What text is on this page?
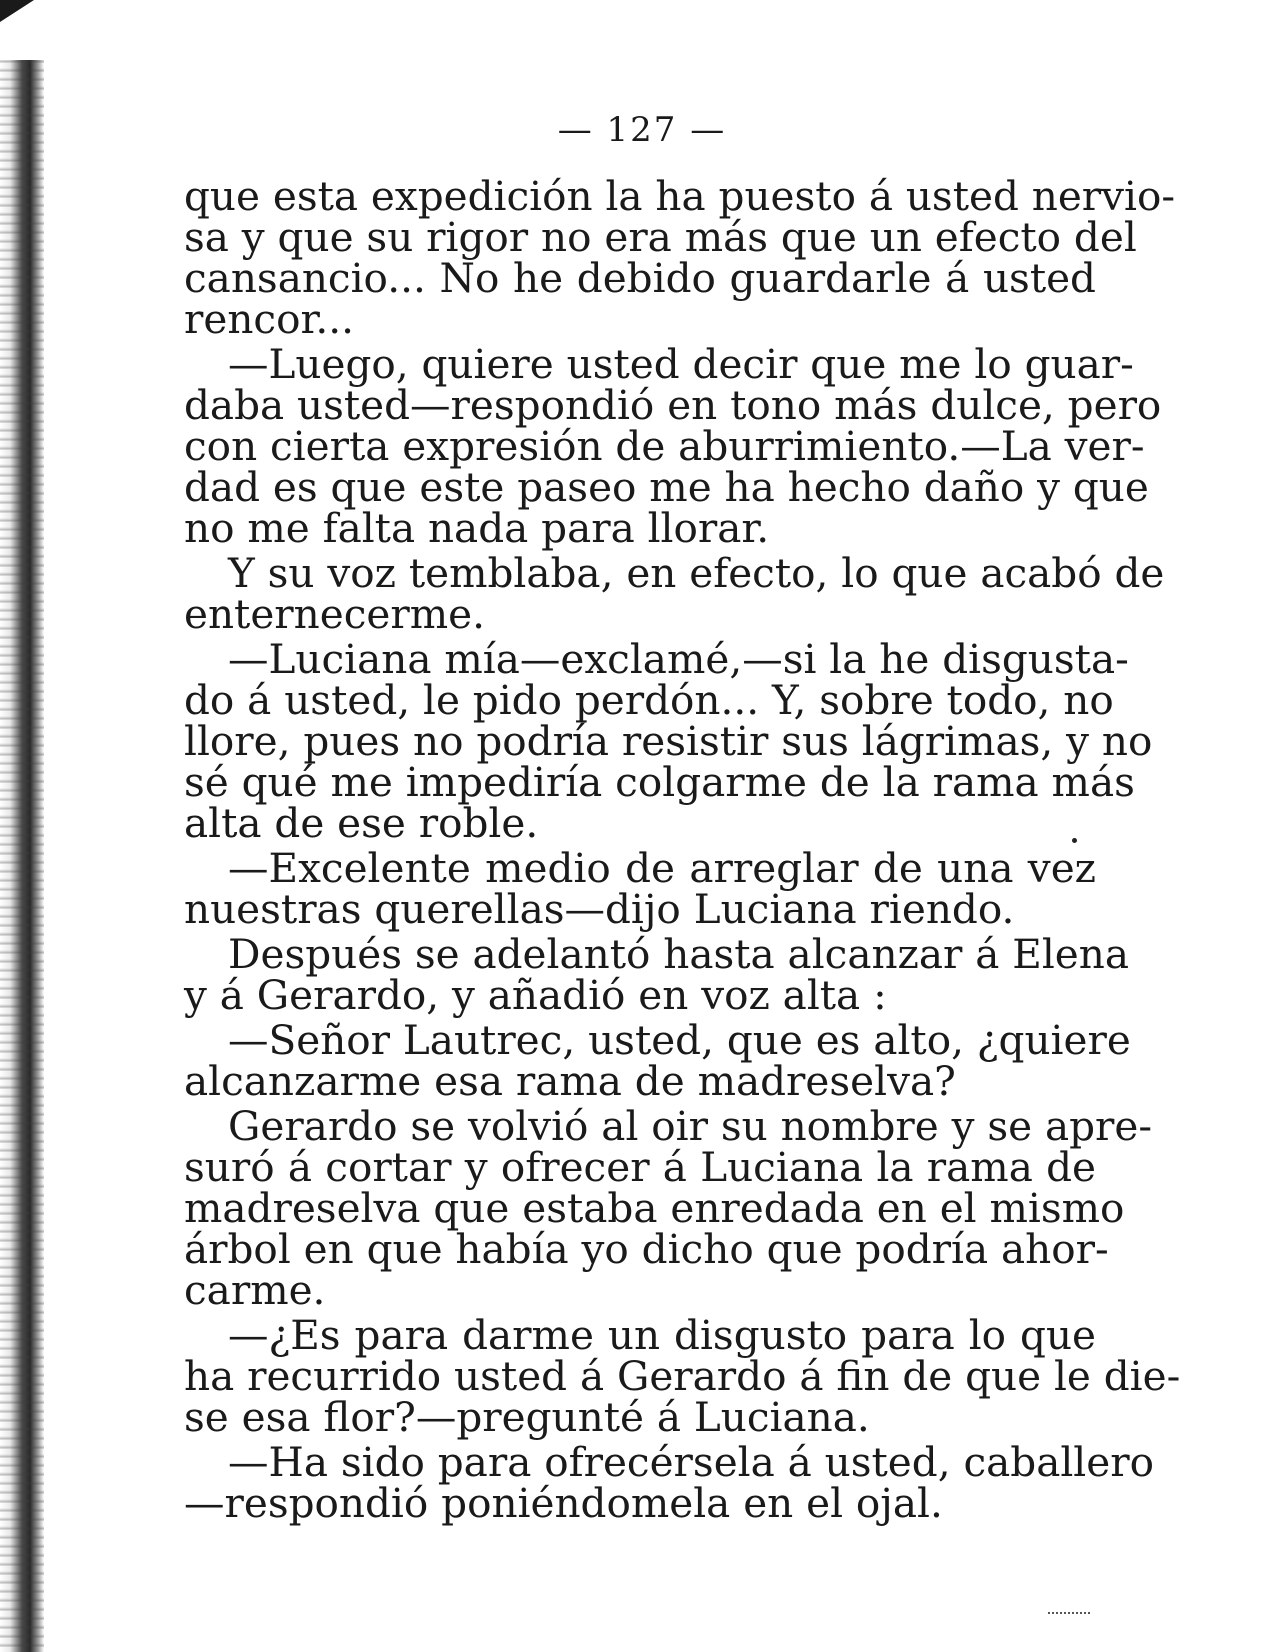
— 127 —
que esta expedición la ha puesto á usted nervio-
sa y que su rigor no era más que un efecto del
cansancio... No he debido guardarle á usted
rencor...
—Luego, quiere usted decir que me lo guar-
daba usted—respondió en tono más dulce, pero
con cierta expresión de aburrimiento.—La ver-
dad es que este paseo me ha hecho daño y que
no me falta nada para llorar.
Y su voz temblaba, en efecto, lo que acabó de
enternecerme.
—Luciana mía—exclamé,—si la he disgusta-
do á usted, le pido perdón... Y, sobre todo, no
llore, pues no podría resistir sus lágrimas, y no
sé qué me impediría colgarme de la rama más
alta de ese roble.
—Excelente medio de arreglar de una vez
nuestras querellas—dijo Luciana riendo.
Después se adelantó hasta alcanzar á Elena
y á Gerardo, y añadió en voz alta :
—Señor Lautrec, usted, que es alto, ¿quiere
alcanzarme esa rama de madreselva?
Gerardo se volvió al oir su nombre y se apre-
suró á cortar y ofrecer á Luciana la rama de
madreselva que estaba enredada en el mismo
árbol en que había yo dicho que podría ahor-
carme.
—¿Es para darme un disgusto para lo que
ha recurrido usted á Gerardo á fin de que le die-
se esa flor?—pregunté á Luciana.
—Ha sido para ofrecérsela á usted, caballero
—respondió poniéndomela en el ojal.
